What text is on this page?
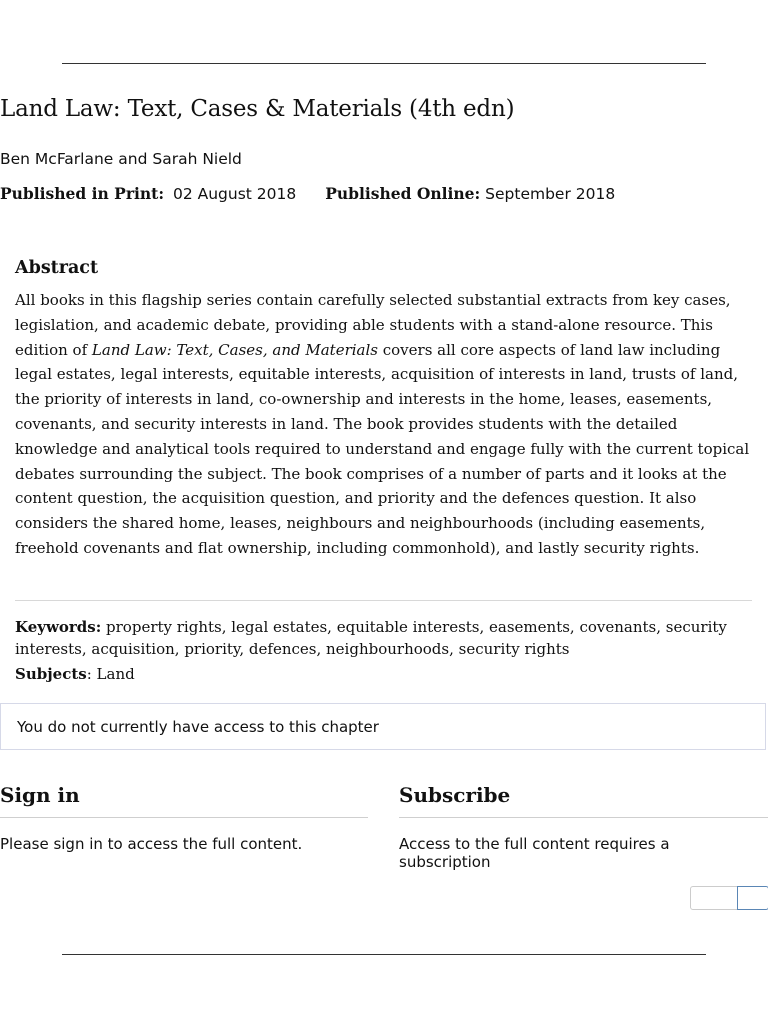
Land Law: Text, Cases & Materials (4th edn)
Ben McFarlane and Sarah Nield
Published in Print: 02 August 2018 Published Online: September 2018
Abstract

All books in this flagship series contain carefully selected substantial extracts from key cases, legislation, and academic debate, providing able students with a stand-alone resource. This edition of Land Law: Text, Cases, and Materials covers all core aspects of land law including legal estates, legal interests, equitable interests, acquisition of interests in land, trusts of land, the priority of interests in land, co-ownership and interests in the home, leases, easements, covenants, and security interests in land. The book provides students with the detailed knowledge and analytical tools required to understand and engage fully with the current topical debates surrounding the subject. The book comprises of a number of parts and it looks at the content question, the acquisition question, and priority and the defences question. It also considers the shared home, leases, neighbours and neighbourhoods (including easements, freehold covenants and flat ownership, including commonhold), and lastly security rights.

Keywords: property rights, legal estates, equitable interests, easements, covenants, security interests, acquisition, priority, defences, neighbourhoods, security rights

Subjects: Land
You do not currently have access to this chapter
Sign in
Please sign in to access the full content.
Subscribe
Access to the full content requires a subscription
